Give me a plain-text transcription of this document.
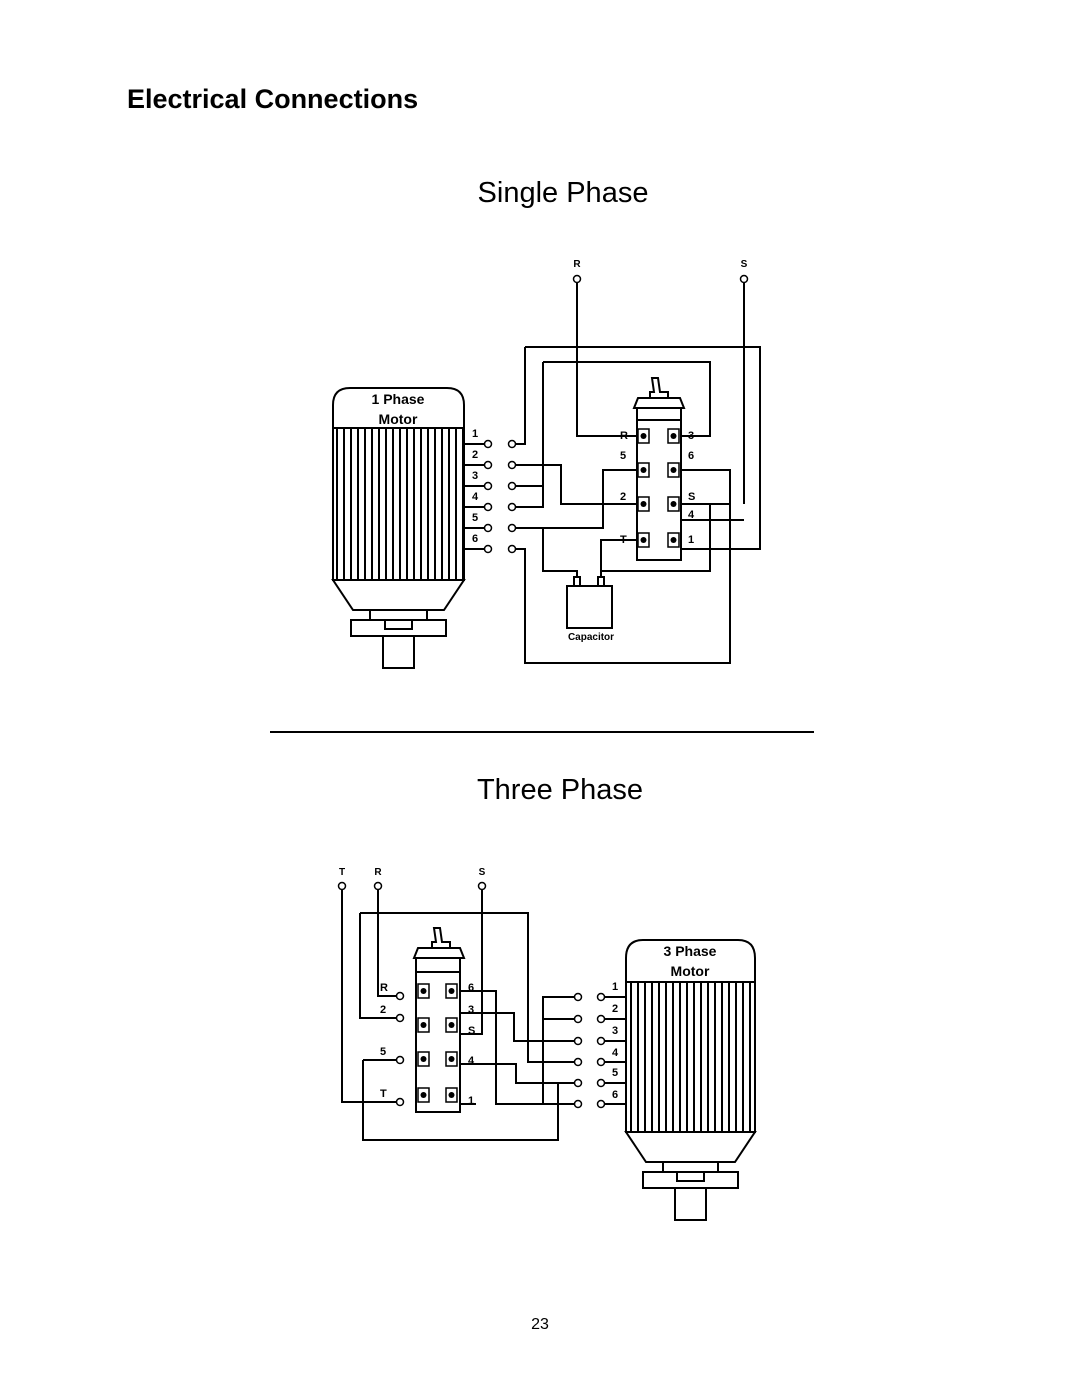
Electrical Connections
Single Phase
Three Phase
23
1 Phase
Motor
1
2
3
4
5
6
R	S
R
5
2
T
3
6
S
4
1
Capacitor
T	R	S
R
2
5
T
6
3
S
4
1
3 Phase
Motor
1
2
3
4
5
6
